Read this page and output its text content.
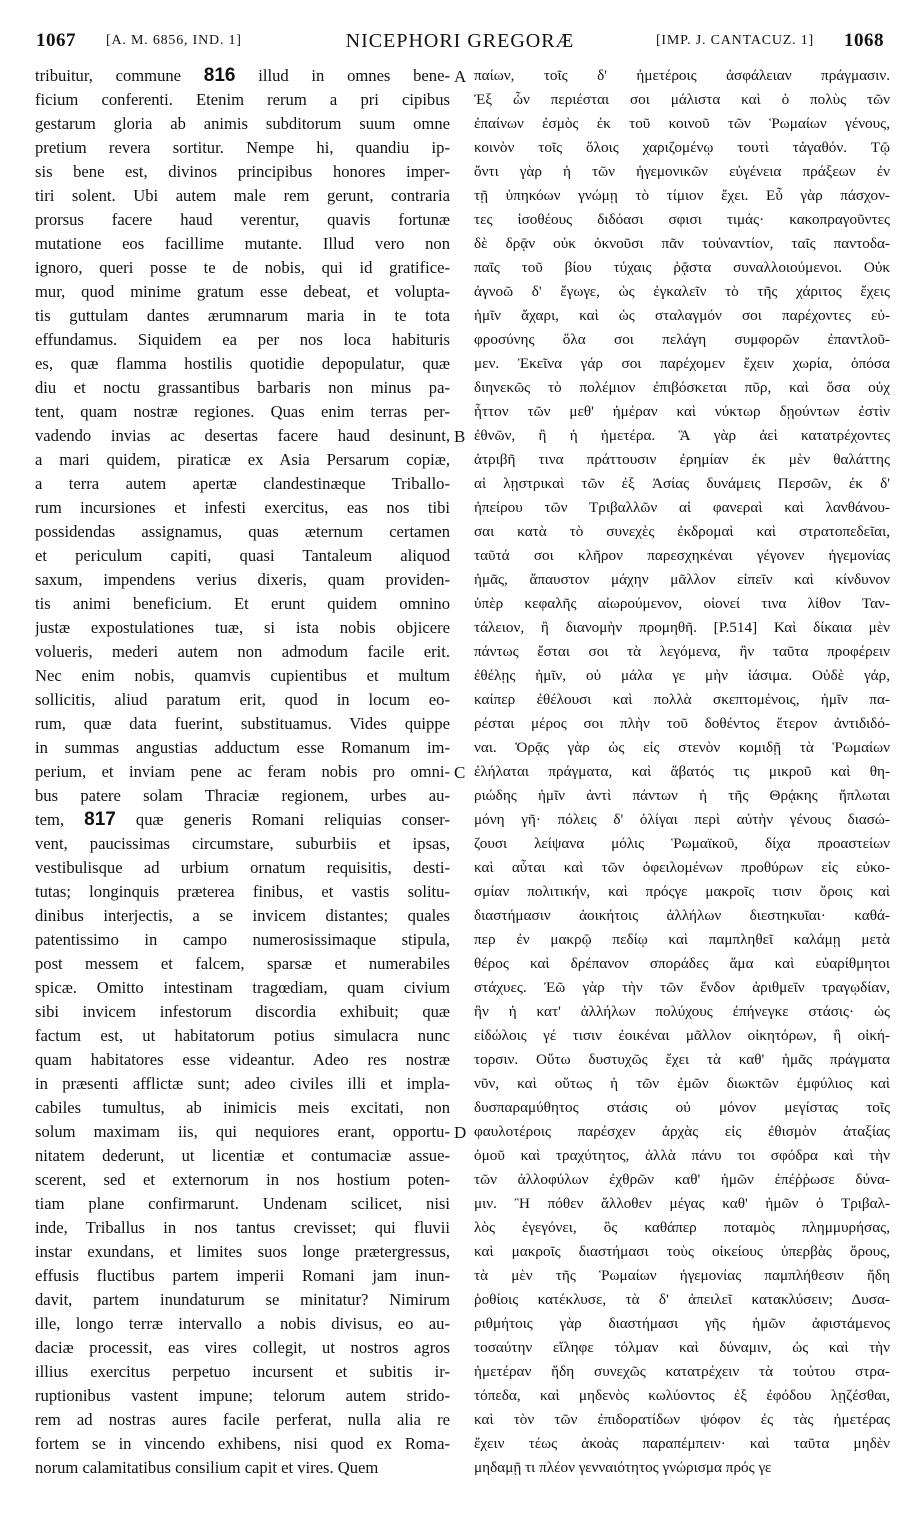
1067 [A. M. 6856, IND. 1]	NICEPHORI GREGORÆ	[IMP. J. CANTACUZ. 1] 1068
tribuitur, commune 816 illud in omnes bene-
ficium conferenti. Etenim rerum a pri cipibus
gestarum gloria ab animis subditorum suum omne
pretium revera sortitur. Nempe hi, quandiu ip-
sis bene est, divinos principibus honores imper-
tiri solent. Ubi autem male rem gerunt, contraria
prorsus facere haud verentur, quavis fortunæ
mutatione eos facillime mutante. Illud vero non
ignoro, queri posse te de nobis, qui id gratifice-
mur, quod minime gratum esse debeat, et volupta-
tis guttulam dantes ærumnarum maria in te tota
effundamus. Siquidem ea per nos loca habituris
es, quæ flamma hostilis quotidie depopulatur, quæ
diu et noctu grassantibus barbaris non minus pa-
tent, quam nostræ regiones. Quas enim terras per-
vadendo invias ac desertas facere haud desinunt,
a mari quidem, piraticæ ex Asia Persarum copiæ,
a terra autem apertæ clandestinæque Triballo-
rum incursiones et infesti exercitus, eas nos tibi
possidendas assignamus, quas æternum certamen
et periculum capiti, quasi Tantaleum aliquod
saxum, impendens verius dixeris, quam providen-
tis animi beneficium. Et erunt quidem omnino
justæ expostulationes tuæ, si ista nobis objicere
volueris, mederi autem non admodum facile erit.
Nec enim nobis, quamvis cupientibus et multum
sollicitis, aliud paratum erit, quod in locum eo-
rum, quæ data fuerint, substituamus. Vides quippe
in summas angustias adductum esse Romanum im-
perium, et inviam pene ac feram nobis pro omni-
bus patere solam Thraciæ regionem, urbes au-
tem, 817 quæ generis Romani reliquias conser-
vent, paucissimas circumstare, suburbiis et ipsas,
vestibulisque ad urbium ornatum requisitis, desti-
tutas; longinquis præterea finibus, et vastis solitu-
dinibus interjectis, a se invicem distantes; quales
patentissimo in campo numerosissimaque stipula,
post messem et falcem, sparsæ et numerabiles
spicæ. Omitto intestinam tragœdiam, quam civium
sibi invicem infestorum discordia exhibuit; quæ
factum est, ut habitatorum potius simulacra nunc
quam habitatores esse videantur. Adeo res nostræ
in præsenti afflictæ sunt; adeo civiles illi et impla-
cabiles tumultus, ab inimicis meis excitati, non
solum maximam iis, qui nequiores erant, opportu-
nitatem dederunt, ut licentiæ et contumaciæ assue-
scerent, sed et externorum in nos hostium poten-
tiam plane confirmarunt. Undenam scilicet, nisi
inde, Triballus in nos tantus crevisset; qui fluvii
instar exundans, et limites suos longe prætergressus,
effusis fluctibus partem imperii Romani jam inun-
davit, partem inundaturum se minitatur? Nimirum
ille, longo terræ intervallo a nobis divisus, eo au-
daciæ processit, eas vires collegit, ut nostros agros
illius exercitus perpetuo incursent et subitis ir-
ruptionibus vastent impune; telorum autem strido-
rem ad nostras aures facile perferat, nulla alia re
fortem se in vincendo exhibens, nisi quod ex Roma-
norum calamitatibus consilium capit et vires. Quem
παίων, τοῖς δ' ἡμετέροις ἀσφάλειαν πράγμασιν.
Ἐξ ὧν περιέσται σοι μάλιστα καὶ ὁ πολὺς τῶν
ἐπαίνων ἐσμὸς ἐκ τοῦ κοινοῦ τῶν Ῥωμαίων γένους,
κοινὸν τοῖς ὅλοις χαριζομένῳ τουτὶ τἀγαθόν. Τῷ
ὄντι γὰρ ἡ τῶν ἡγεμονικῶν εὐγένεια πράξεων ἐν
τῇ ὑπηκόων γνώμῃ τὸ τίμιον ἔχει. Εὖ γὰρ πάσχον-
τες ἰσοθέους διδόασι σφισι τιμάς· κακοπραγοῦντες
δὲ δρᾷν οὐκ ὀκνοῦσι πᾶν τοὐναντίον, ταῖς παντοδα-
παῖς τοῦ βίου τύχαις ῥᾷστα συναλλοιούμενοι. Οὐκ
ἀγνοῶ δ' ἔγωγε, ὡς ἐγκαλεῖν τὸ τῆς χάριτος ἔχεις
ἡμῖν ἄχαρι, καὶ ὡς σταλαγμόν σοι παρέχοντες εὐ-
φροσύνης ὅλα σοι πελάγη συμφορῶν ἐπαντλοῦ-
μεν. Ἐκεῖνα γάρ σοι παρέχομεν ἔχειν χωρία, ὁπόσα
διηνεκῶς τὸ πολέμιον ἐπιβόσκεται πῦρ, καὶ ὅσα οὐχ
ἧττον τῶν μεθ' ἡμέραν καὶ νύκτωρ δῃούντων ἐστὶν
ἐθνῶν, ἢ ἡ ἡμετέρα. Ἃ γὰρ ἀεὶ κατατρέχοντες
ἀτριβῆ τινα πράττουσιν ἐρημίαν ἐκ μὲν θαλάττης
αἱ λῃστρικαὶ τῶν ἐξ Ἀσίας δυνάμεις Περσῶν, ἐκ δ'
ἠπείρου τῶν Τριβαλλῶν αἱ φανεραὶ καὶ λανθάνου-
σαι κατὰ τὸ συνεχὲς ἐκδρομαὶ καὶ στρατοπεδεῖαι,
ταῦτά σοι κλῆρον παρεσχηκέναι γέγονεν ἡγεμονίας
ἡμᾶς, ἄπαυστον μάχην μᾶλλον εἰπεῖν καὶ κίνδυνον
ὑπὲρ κεφαλῆς αἰωρούμενον, οἱονεί τινα λίθον Ταν-
τάλειον, ἢ διανομὴν προμηθῆ. [P.514] Καὶ δίκαια μὲν
πάντως ἔσται σοι τὰ λεγόμενα, ἢν ταῦτα προφέρειν
ἐθέλῃς ἡμῖν, οὐ μάλα γε μὴν ἰάσιμα. Οὐδὲ γάρ,
καίπερ ἐθέλουσι καὶ πολλὰ σκεπτομένοις, ἡμῖν πα-
ρέσται μέρος σοι πλὴν τοῦ δοθέντος ἕτερον ἀντιδιδό-
ναι. Ὁρᾷς γὰρ ὡς εἰς στενὸν κομιδῇ τὰ Ῥωμαίων
ἐλήλαται πράγματα, καὶ ἄβατός τις μικροῦ καὶ θη-
ριώδης ἡμῖν ἀντὶ πάντων ἡ τῆς Θρᾴκης ἥπλωται
μόνη γῆ· πόλεις δ' ὀλίγαι περὶ αὐτὴν γένους διασώ-
ζουσι λείψανα μόλις Ῥωμαϊκοῦ, δίχα προαστείων
καὶ αὗται καὶ τῶν ὀφειλομένων προθύρων εἰς εὐκο-
σμίαν πολιτικήν, καὶ πρόςγε μακροῖς τισιν ὅροις καὶ
διαστήμασιν ἀοικήτοις ἀλλήλων διεστηκυῖαι· καθά-
περ ἐν μακρῷ πεδίῳ καὶ παμπληθεῖ καλάμῃ μετὰ
θέρος καὶ δρέπανον σποράδες ἅμα καὶ εὐαρίθμητοι
στάχυες. Ἐῶ γὰρ τὴν τῶν ἔνδον ἀριθμεῖν τραγῳδίαν,
ἣν ἡ κατ' ἀλλήλων πολύχους ἐπήνεγκε στάσις· ὡς
εἰδώλοις γέ τισιν ἐοικέναι μᾶλλον οἰκητόρων, ἢ οἰκή-
τορσιν. Οὕτω δυστυχῶς ἔχει τὰ καθ' ἡμᾶς πράγματα
νῦν, καὶ οὕτως ἡ τῶν ἐμῶν διωκτῶν ἐμφύλιος καὶ
δυσπαραμύθητος στάσις οὐ μόνον μεγίστας τοῖς
φαυλοτέροις παρέσχεν ἀρχὰς εἰς ἐθισμὸν ἀταξίας
ὁμοῦ καὶ τραχύτητος, ἀλλὰ πάνυ τοι σφόδρα καὶ τὴν
τῶν ἀλλοφύλων ἐχθρῶν καθ' ἡμῶν ἐπέῤῥωσε δύνα-
μιν. Ἢ πόθεν ἄλλοθεν μέγας καθ' ἡμῶν ὁ Τριβαλ-
λὸς ἐγεγόνει, ὃς καθάπερ ποταμὸς πλημμυρήσας,
καὶ μακροῖς διαστήμασι τοὺς οἰκείους ὑπερβὰς ὅρους,
τὰ μὲν τῆς Ῥωμαίων ἡγεμονίας παμπλήθεσιν ἤδη
ῥοθίοις κατέκλυσε, τὰ δ' ἀπειλεῖ κατακλύσειν; Δυσα-
ριθμήτοις γὰρ διαστήμασι γῆς ἡμῶν ἀφιστάμενος
τοσαύτην εἴληφε τόλμαν καὶ δύναμιν, ὡς καὶ τὴν
ἡμετέραν ἤδη συνεχῶς κατατρέχειν τὰ τούτου στρα-
τόπεδα, καὶ μηδενὸς κωλύοντος ἐξ ἐφόδου λῃζέσθαι,
καὶ τὸν τῶν ἐπιδορατίδων ψόφον ἐς τὰς ἡμετέρας
ἔχειν τέως ἀκοὰς παραπέμπειν· καὶ ταῦτα μηδὲν
μηδαμῇ τι πλέον γενναιότητος γνώρισμα πρός γε
A
B
C
D
